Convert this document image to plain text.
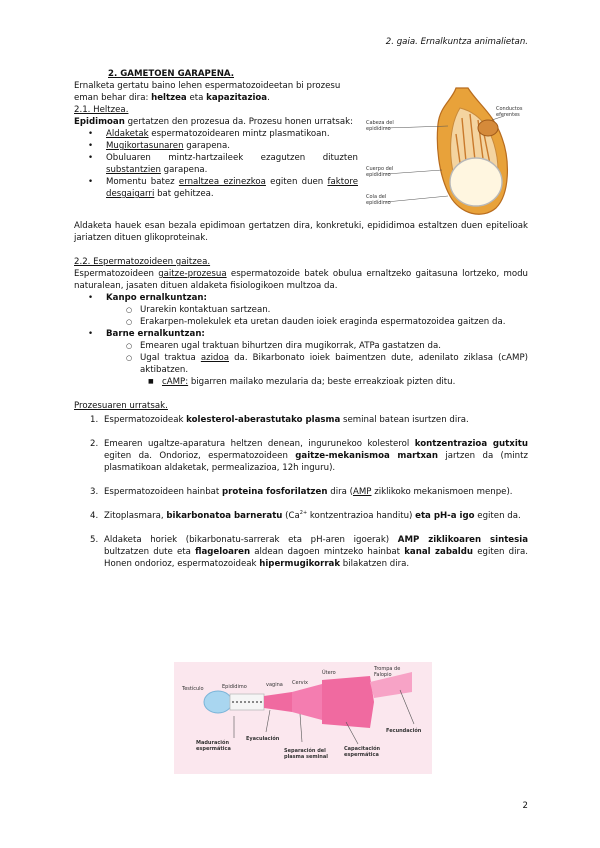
2. gaia. Ernalkuntza animalietan.

2. GAMETOEN GARAPENA.

Ernalketa gertatu baino lehen espermatozoideetan bi prozesu eman behar dira: heltzea eta kapazitazioa.

2.1. Heltzea.

Epidimoan gertatzen den prozesua da. Prozesu honen urratsak:

• Aldaketak espermatozoidearen mintz plasmatikoan.
• Mugikortasunaren garapena.
• Obuluaren mintz-hartzaileek ezagutzen dituzten substantzien garapena.
• Momentu batez ernaltzea ezinezkoa egiten duen faktore desgaigarri bat gehitzea.

Aldaketa hauek esan bezala epidimoan gertatzen dira, konkretuki, epididimoa estaltzen duen epitelioak jariatzen dituen glikoproteinak.

2.2. Espermatozoideen gaitzea.

Espermatozoideen gaitze-prozesua espermatozoide batek obulua ernaltzeko gaitasuna lortzeko, modu naturalean, jasaten dituen aldaketa fisiologikoen multzoa da.

• Kanpo ernalkuntzan:
○ Urarekin kontaktuan sartzean.
○ Erakarpen-molekulek eta uretan dauden ioiek eraginda espermatozoidea gaitzen da.
• Barne ernalkuntzan:
○ Emearen ugal traktuan bihurtzen dira mugikorrak, ATPa gastatzen da.
○ Ugal traktua azidoa da. Bikarbonato ioiek baimentzen dute, adenilato ziklasa (cAMP) aktibatzen.
■ cAMP: bigarren mailako mezularia da; beste erreakzioak pizten ditu.

Prozesuaren urratsak.

1. Espermatozoideak kolesterol-aberastutako plasma seminal batean isurtzen dira.
2. Emearen ugaltze-aparatura heltzen denean, ingurunekoo kolesterol kontzentrazioa gutxitu egiten da. Ondorioz, espermatozoideen gaitze-mekanismoa martxan jartzen da (mintz plasmatikoan aldaketak, permealizazioa, 12h inguru).
3. Espermatozoideen hainbat proteina fosforilatzen dira (AMP ziklikoko mekanismoen menpe).
4. Zitoplasmara, bikarbonatoa barneratu ($Ca^{2+}$ kontzentrazioa handitu) eta pH-a igo egiten da.
5. Aldaketa horiek (bikarbonatu-sarrerak eta pH-aren igoerak) AMP ziklikoaren sintesia bultzatzen dute eta flageloaren aldean dagoen mintzeko hainbat kanal zabaldu egiten dira. Honen ondorioz, espermatozoideak hipermugikorrak bilakatzen dira.
Cabeza del epidídimo
Cuerpo del epidídimo
Cola del epidídimo
Conductos eferentes
Testículo	Epidídimo	vagina Cervix
Útero
Trompa de Falopio
Maduración espermática
Eyaculación
Separación del plasma seminal
Capacitación espermática
Fecundación
2
